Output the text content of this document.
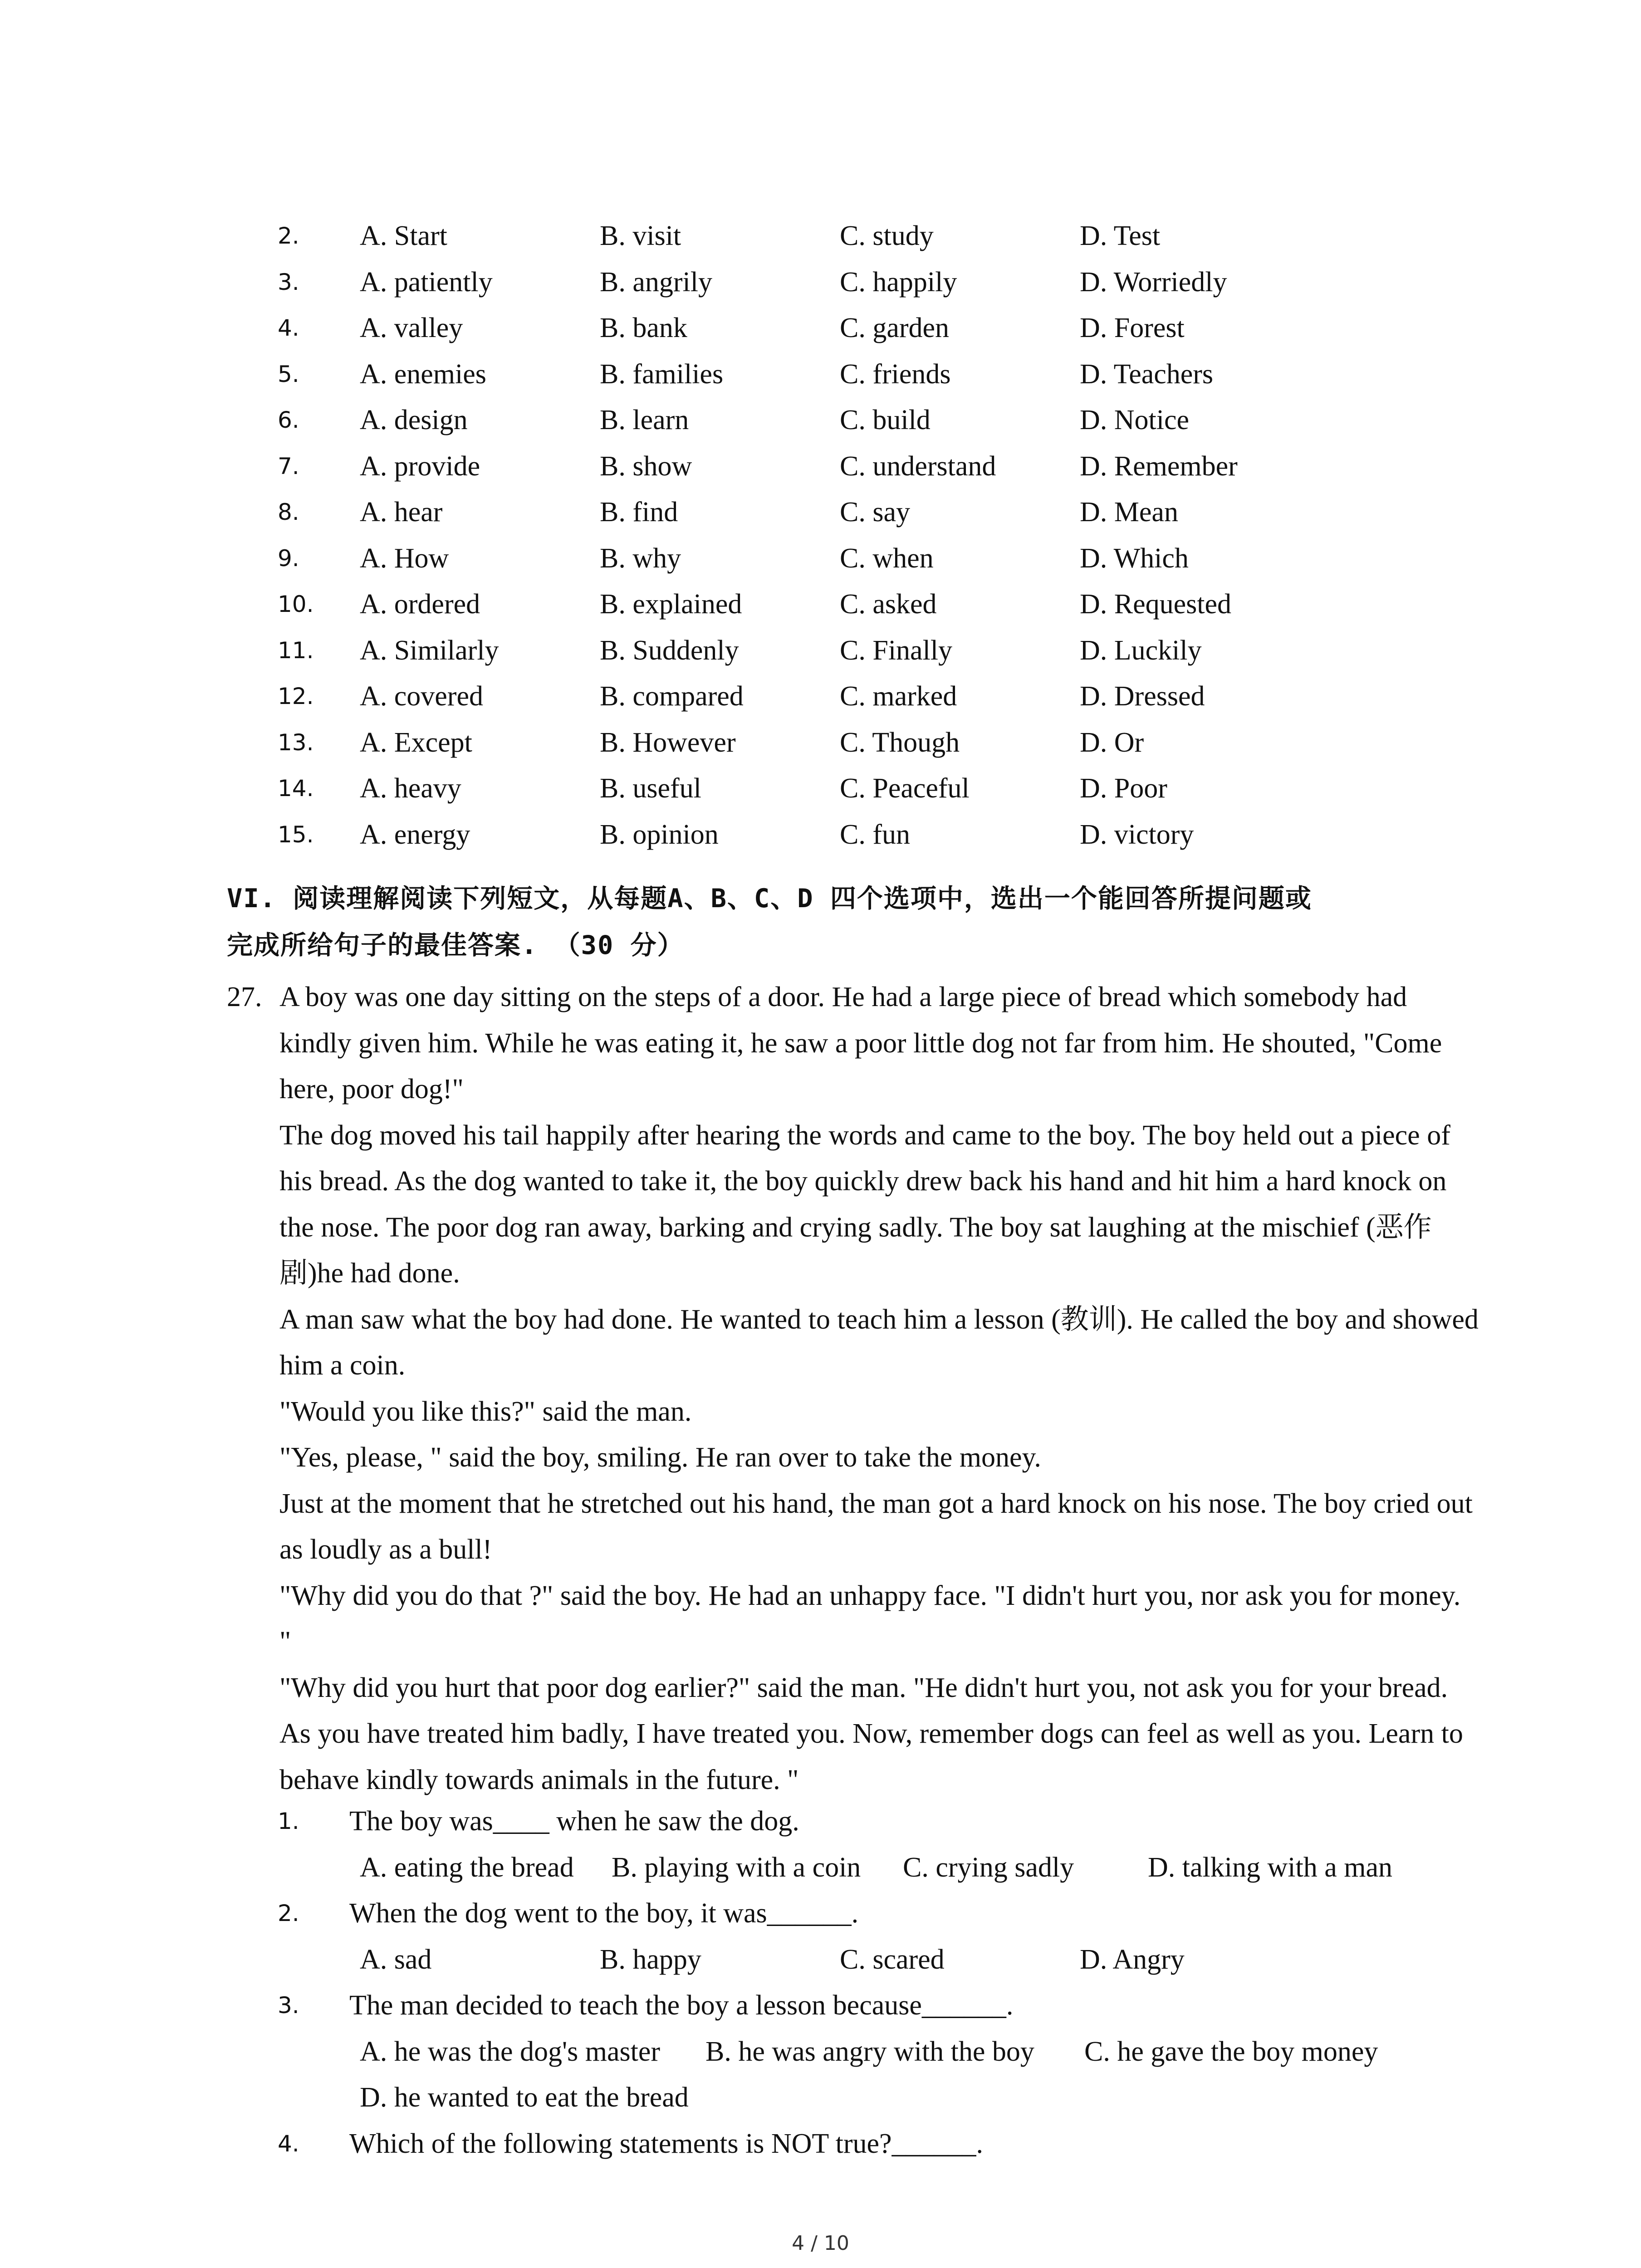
2. A. Start	B. visit	C. study	D. Test
3. A. patiently	B. angrily	C. happily	D. Worriedly
4. A. valley	B. bank	C. garden	D. Forest
5. A. enemies	B. families	C. friends	D. Teachers
6. A. design	B. learn	C. build	D. Notice
7. A. provide	B. show	C. understand	D. Remember
8. A. hear	B. find	C. say	D. Mean
9. A. How	B. why	C. when	D. Which
10. A. ordered	B. explained	C. asked	D. Requested
11. A. Similarly	B. Suddenly	C. Finally	D. Luckily
12. A. covered	B. compared	C. marked	D. Dressed
13. A. Except	B. However	C. Though	D. Or
14. A. heavy	B. useful	C. Peaceful	D. Poor
15. A. energy	B. opinion	C. fun	D. victory
VI. 阅读理解阅读下列短文，从每题A、B、C、D 四个选项中，选出一个能回答所提问题或
完成所给句子的最佳答案. （30 分）
27. A boy was one day sitting on the steps of a door. He had a large piece of bread which somebody had kindly given him. While he was eating it, he saw a poor little dog not far from him. He shouted, "Come here, poor dog!"

The dog moved his tail happily after hearing the words and came to the boy. The boy held out a piece of his bread. As the dog wanted to take it, the boy quickly drew back his hand and hit him a hard knock on the nose. The poor dog ran away, barking and crying sadly. The boy sat laughing at the mischief (恶作剧)he had done.

A man saw what the boy had done. He wanted to teach him a lesson (教训). He called the boy and showed him a coin.

"Would you like this?" said the man.

"Yes, please, " said the boy, smiling. He ran over to take the money.

Just at the moment that he stretched out his hand, the man got a hard knock on his nose. The boy cried out as loudly as a bull!

"Why did you do that ?" said the boy. He had an unhappy face. "I didn't hurt you, nor ask you for money. "

"Why did you hurt that poor dog earlier?" said the man. "He didn't hurt you, not ask you for your bread. As you have treated him badly, I have treated you. Now, remember dogs can feel as well as you. Learn to behave kindly towards animals in the future. "

1. The boy was____ when he saw the dog.
A. eating the bread B. playing with a coin C. crying sadly	D. talking with a man
2. When the dog went to the boy, it was______.
A. sad	B. happy	C. scared	D. Angry
3. The man decided to teach the boy a lesson because______.
A. he was the dog's master B. he was angry with the boy C. he gave the boy money
D. he wanted to eat the bread
4. Which of the following statements is NOT true?______.
4 / 10
